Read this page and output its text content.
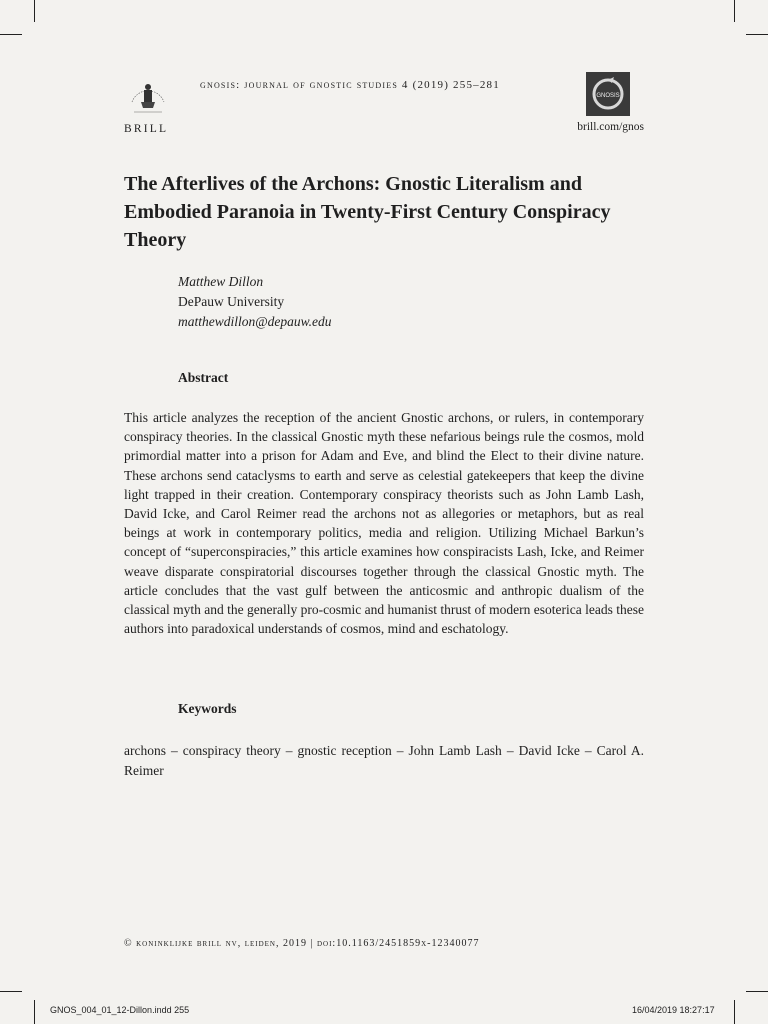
BRILL
gnosis: journal of gnostic studies 4 (2019) 255–281
GNOSIS
brill.com/gnos
The Afterlives of the Archons: Gnostic Literalism and Embodied Paranoia in Twenty-First Century Conspiracy Theory
Matthew Dillon
DePauw University
matthewdillon@depauw.edu
Abstract
This article analyzes the reception of the ancient Gnostic archons, or rulers, in contemporary conspiracy theories. In the classical Gnostic myth these nefarious beings rule the cosmos, mold primordial matter into a prison for Adam and Eve, and blind the Elect to their divine nature. These archons send cataclysms to earth and serve as celestial gatekeepers that keep the divine light trapped in their creation. Contemporary conspiracy theorists such as John Lamb Lash, David Icke, and Carol Reimer read the archons not as allegories or metaphors, but as real beings at work in contemporary politics, media and religion. Utilizing Michael Barkun’s concept of “superconspiracies,” this article examines how conspiracists Lash, Icke, and Reimer weave disparate conspiratorial discourses together through the classical Gnostic myth. The article concludes that the vast gulf between the anticosmic and anthropic dualism of the classical myth and the generally pro-cosmic and humanist thrust of modern esoterica leads these authors into paradoxical understands of cosmos, mind and eschatology.
Keywords
archons – conspiracy theory – gnostic reception – John Lamb Lash – David Icke – Carol A. Reimer
© koninklijke brill nv, leiden, 2019 | doi:10.1163/2451859x-12340077
GNOS_004_01_12-Dillon.indd 255	16/04/2019 18:27:17
